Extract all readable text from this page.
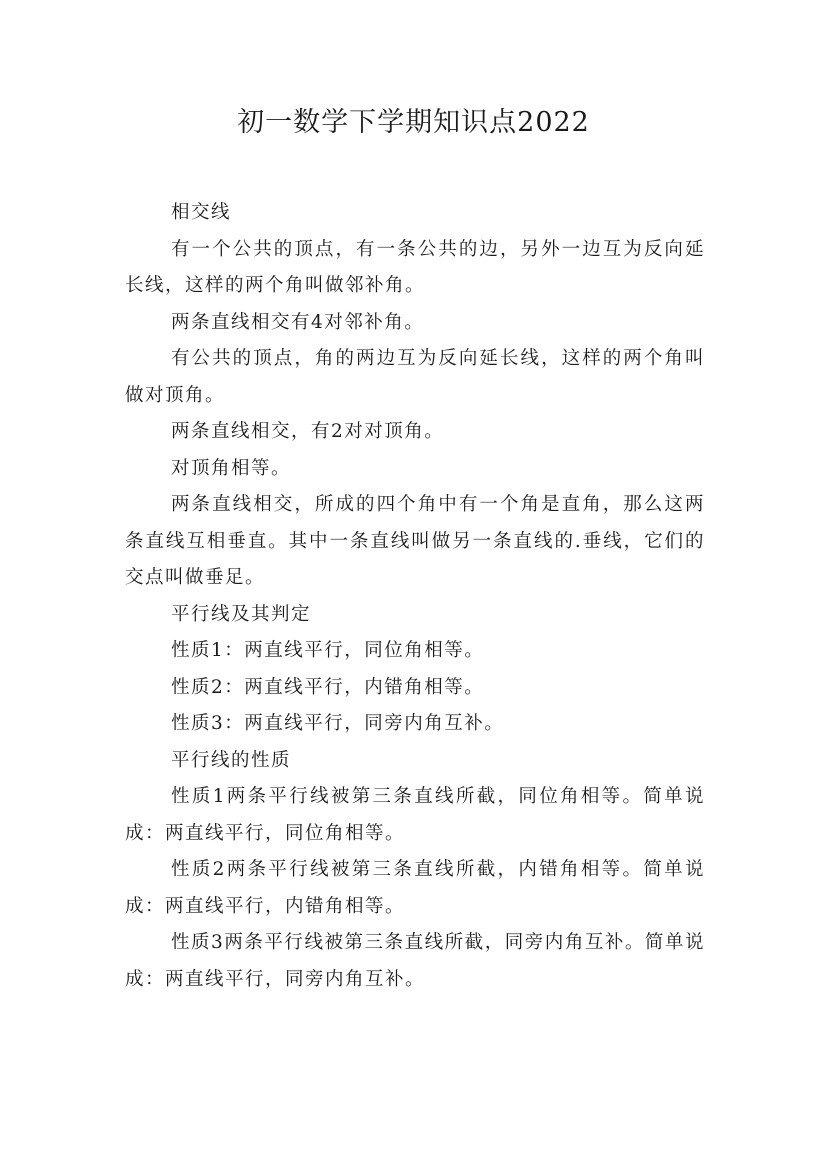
初一数学下学期知识点2022

相交线

有一个公共的顶点，有一条公共的边，另外一边互为反向延长线，这样的两个角叫做邻补角。

两条直线相交有4对邻补角。

有公共的顶点，角的两边互为反向延长线，这样的两个角叫做对顶角。

两条直线相交，有2对对顶角。

对顶角相等。

两条直线相交，所成的四个角中有一个角是直角，那么这两条直线互相垂直。其中一条直线叫做另一条直线的.垂线，它们的交点叫做垂足。

平行线及其判定

性质1：两直线平行，同位角相等。

性质2：两直线平行，内错角相等。

性质3：两直线平行，同旁内角互补。

平行线的性质

性质1两条平行线被第三条直线所截，同位角相等。简单说成：两直线平行，同位角相等。

性质2两条平行线被第三条直线所截，内错角相等。简单说成：两直线平行，内错角相等。

性质3两条平行线被第三条直线所截，同旁内角互补。简单说成：两直线平行，同旁内角互补。
